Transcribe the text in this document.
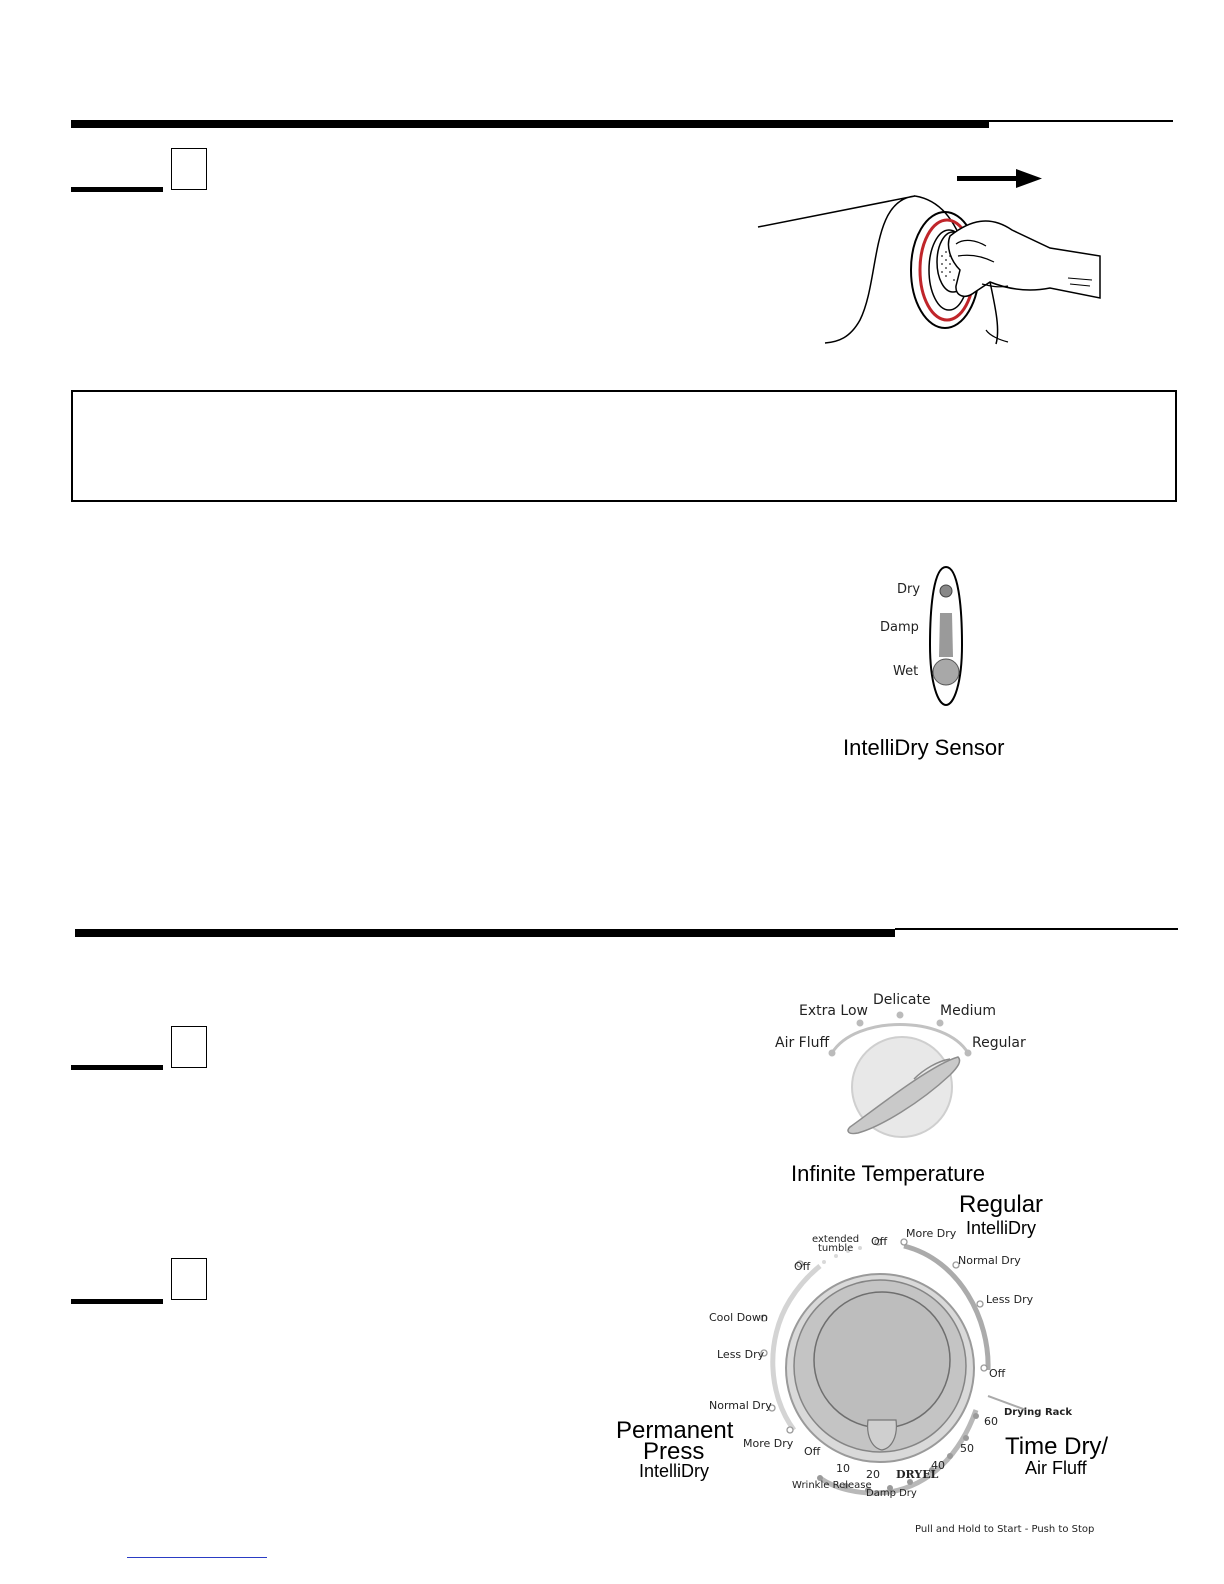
Dry
Damp
Wet
IntelliDry Sensor
Air Fluff
Extra Low
Delicate
Medium
Regular
Infinite Temperature
Regular
IntelliDry
More Dry
Normal Dry
Less Dry
Off
Drying Rack
60
50
40
DRYEL
Damp Dry
20
10
Wrinkle Release
Off	Time Dry/
Air Fluff
Permanent
Press
IntelliDry
More Dry
Normal Dry
Less Dry
Cool Down
Off
extended
tumble
Off
Pull and Hold to Start - Push to Stop
